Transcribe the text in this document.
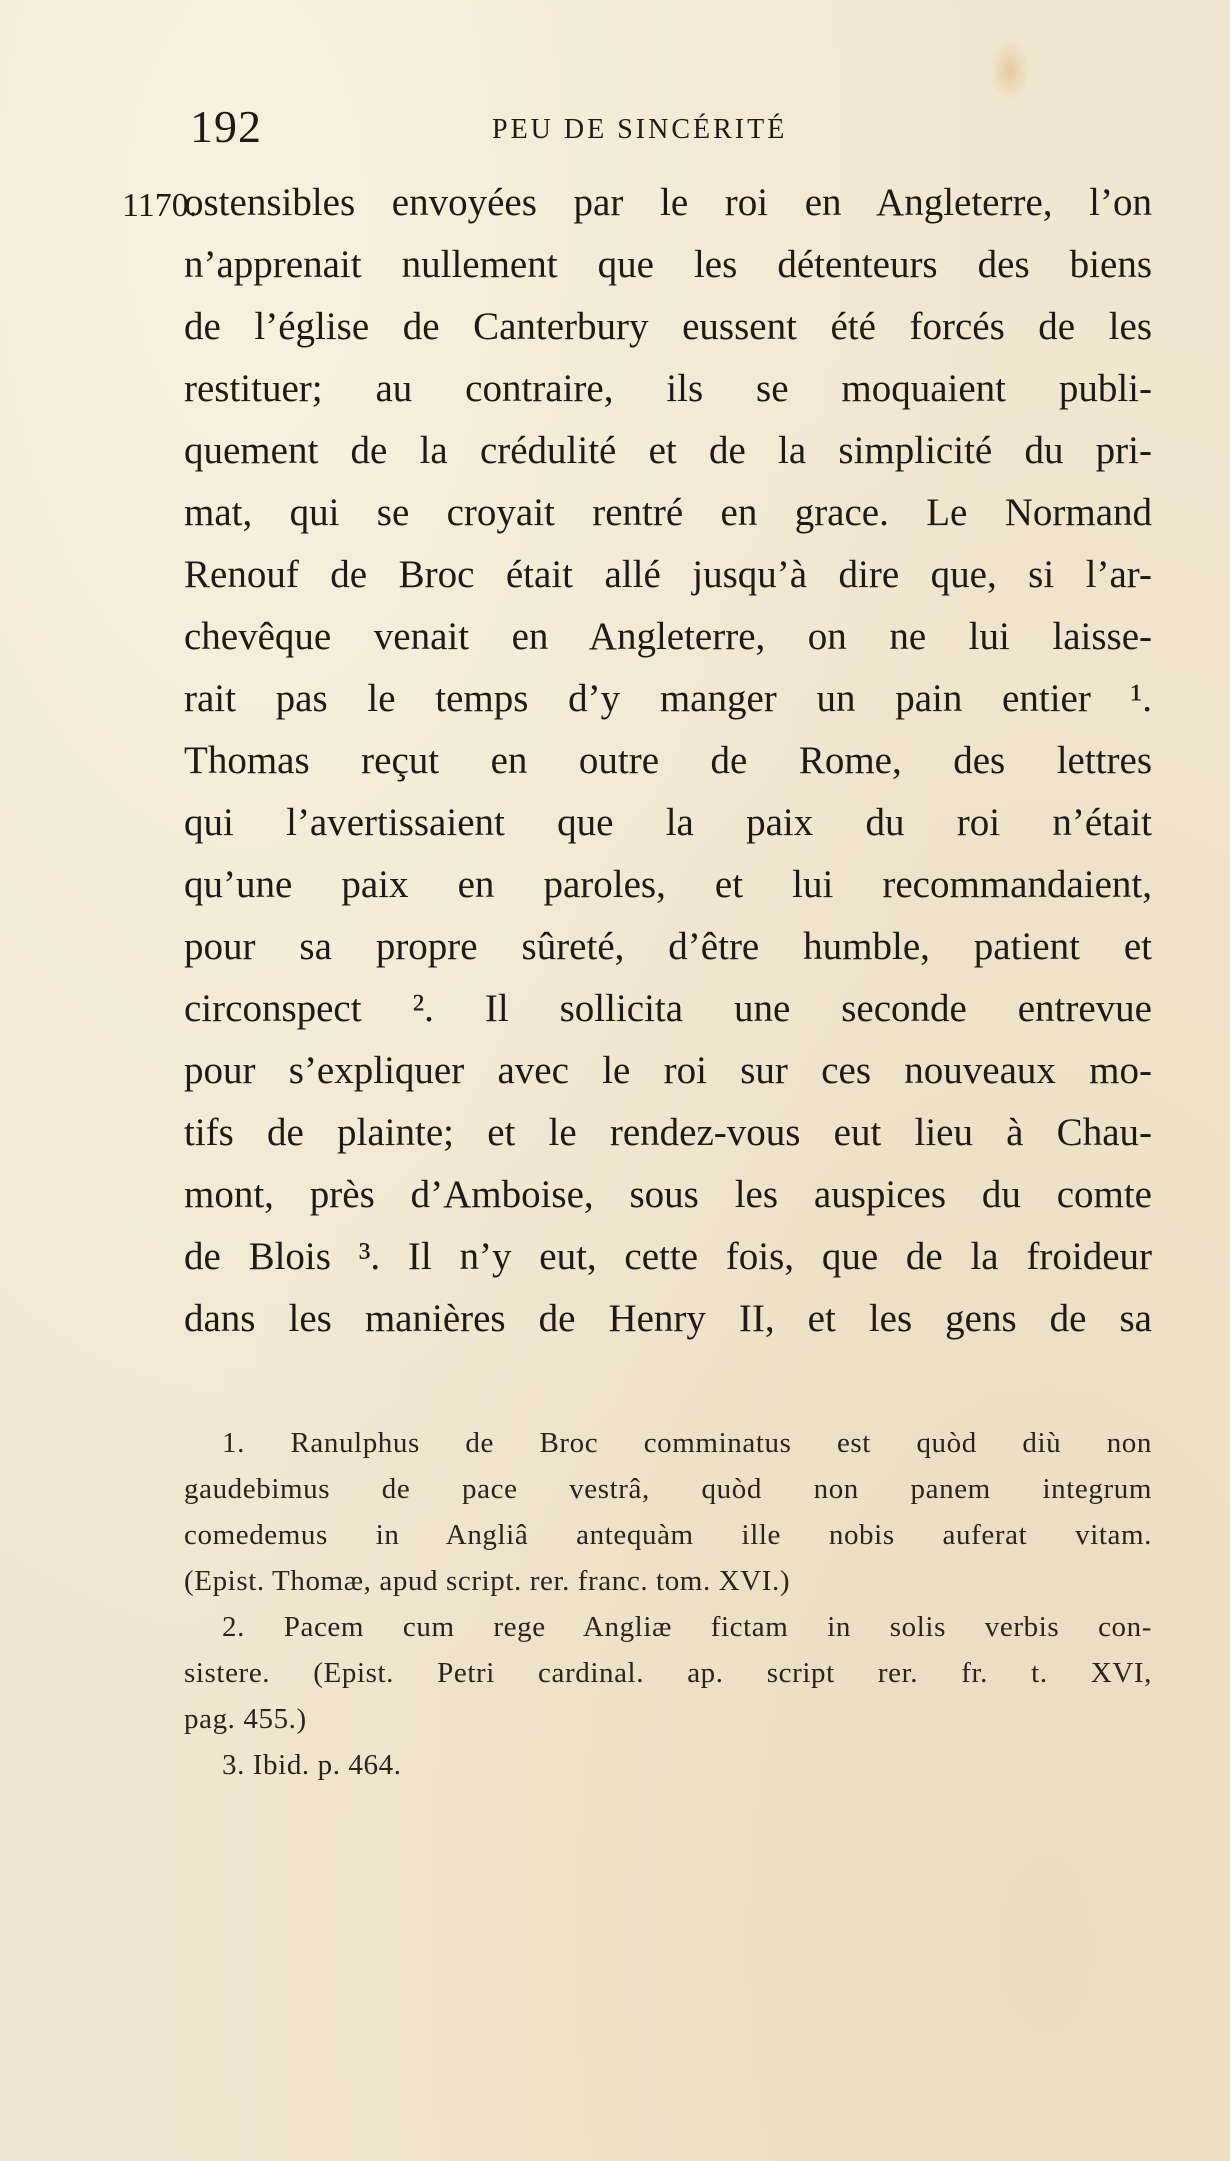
192	PEU DE SINCÉRITÉ
1170.
ostensibles envoyées par le roi en Angleterre, l’on
n’apprenait nullement que les détenteurs des biens
de l’église de Canterbury eussent été forcés de les
restituer; au contraire, ils se moquaient publi-
quement de la crédulité et de la simplicité du pri-
mat, qui se croyait rentré en grace. Le Normand
Renouf de Broc était allé jusqu’à dire que, si l’ar-
chevêque venait en Angleterre, on ne lui laisse-
rait pas le temps d’y manger un pain entier ¹.
Thomas reçut en outre de Rome, des lettres
qui l’avertissaient que la paix du roi n’était
qu’une paix en paroles, et lui recommandaient,
pour sa propre sûreté, d’être humble, patient et
circonspect ². Il sollicita une seconde entrevue
pour s’expliquer avec le roi sur ces nouveaux mo-
tifs de plainte; et le rendez-vous eut lieu à Chau-
mont, près d’Amboise, sous les auspices du comte
de Blois ³. Il n’y eut, cette fois, que de la froideur
dans les manières de Henry II, et les gens de sa
1. Ranulphus de Broc comminatus est quòd diù non
gaudebimus de pace vestrâ, quòd non panem integrum
comedemus in Angliâ antequàm ille nobis auferat vitam.
(Epist. Thomæ, apud script. rer. franc. tom. XVI.)
2. Pacem cum rege Angliæ fictam in solis verbis con-
sistere. (Epist. Petri cardinal. ap. script rer. fr. t. XVI,
pag. 455.)
3. Ibid. p. 464.
